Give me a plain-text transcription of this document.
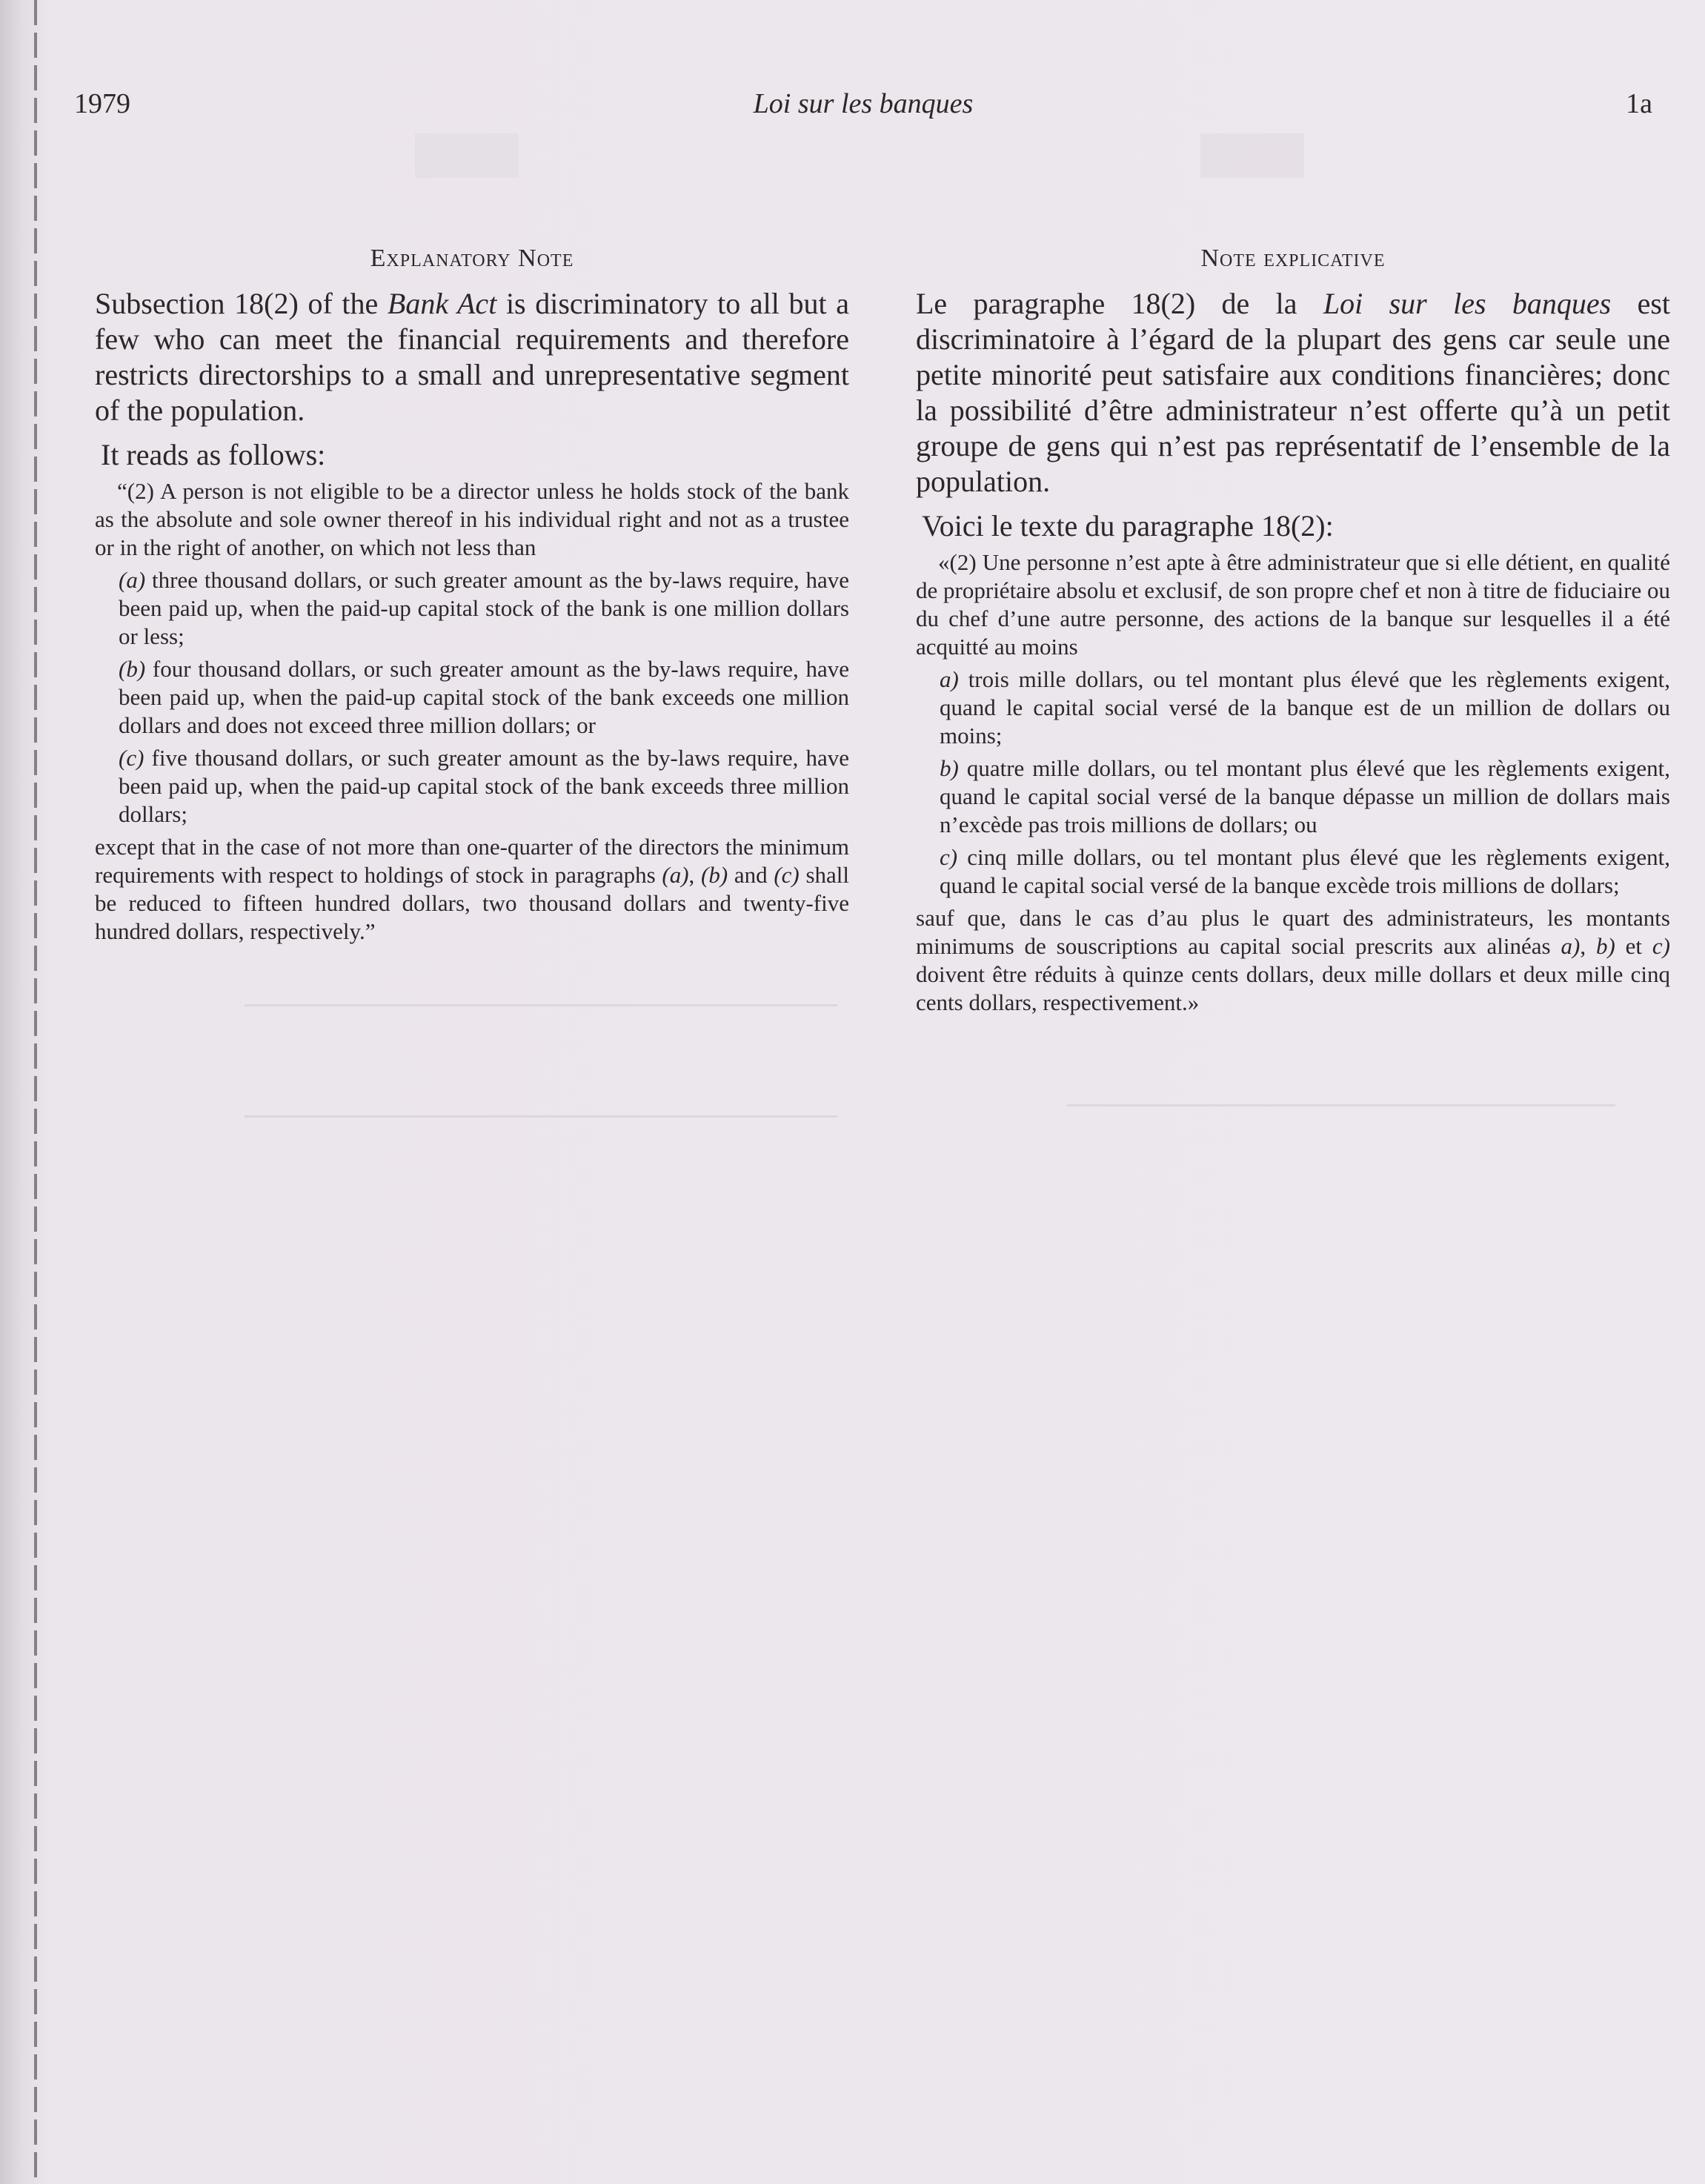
1979	Loi sur les banques	1a
Explanatory Note

Subsection 18(2) of the Bank Act is discriminatory to all but a few who can meet the financial requirements and therefore restricts directorships to a small and unrepresentative segment of the population.

It reads as follows:

“(2) A person is not eligible to be a director unless he holds stock of the bank as the absolute and sole owner thereof in his individual right and not as a trustee or in the right of another, on which not less than

(a) three thousand dollars, or such greater amount as the by-laws require, have been paid up, when the paid-up capital stock of the bank is one million dollars or less;

(b) four thousand dollars, or such greater amount as the by-laws require, have been paid up, when the paid-up capital stock of the bank exceeds one million dollars and does not exceed three million dollars; or

(c) five thousand dollars, or such greater amount as the by-laws require, have been paid up, when the paid-up capital stock of the bank exceeds three million dollars;

except that in the case of not more than one-quarter of the directors the minimum requirements with respect to holdings of stock in paragraphs (a), (b) and (c) shall be reduced to fifteen hundred dollars, two thousand dollars and twenty-five hundred dollars, respectively.”

Note explicative

Le paragraphe 18(2) de la Loi sur les banques est discriminatoire à l’égard de la plupart des gens car seule une petite minorité peut satisfaire aux conditions financières; donc la possibilité d’être administrateur n’est offerte qu’à un petit groupe de gens qui n’est pas représentatif de l’ensemble de la population.

Voici le texte du paragraphe 18(2):

«(2) Une personne n’est apte à être administrateur que si elle détient, en qualité de propriétaire absolu et exclusif, de son propre chef et non à titre de fiduciaire ou du chef d’une autre personne, des actions de la banque sur lesquelles il a été acquitté au moins

a) trois mille dollars, ou tel montant plus élevé que les règlements exigent, quand le capital social versé de la banque est de un million de dollars ou moins;

b) quatre mille dollars, ou tel montant plus élevé que les règlements exigent, quand le capital social versé de la banque dépasse un million de dollars mais n’excède pas trois millions de dollars; ou

c) cinq mille dollars, ou tel montant plus élevé que les règlements exigent, quand le capital social versé de la banque excède trois millions de dollars;

sauf que, dans le cas d’au plus le quart des administrateurs, les montants minimums de souscriptions au capital social prescrits aux alinéas a), b) et c) doivent être réduits à quinze cents dollars, deux mille dollars et deux mille cinq cents dollars, respectivement.»
